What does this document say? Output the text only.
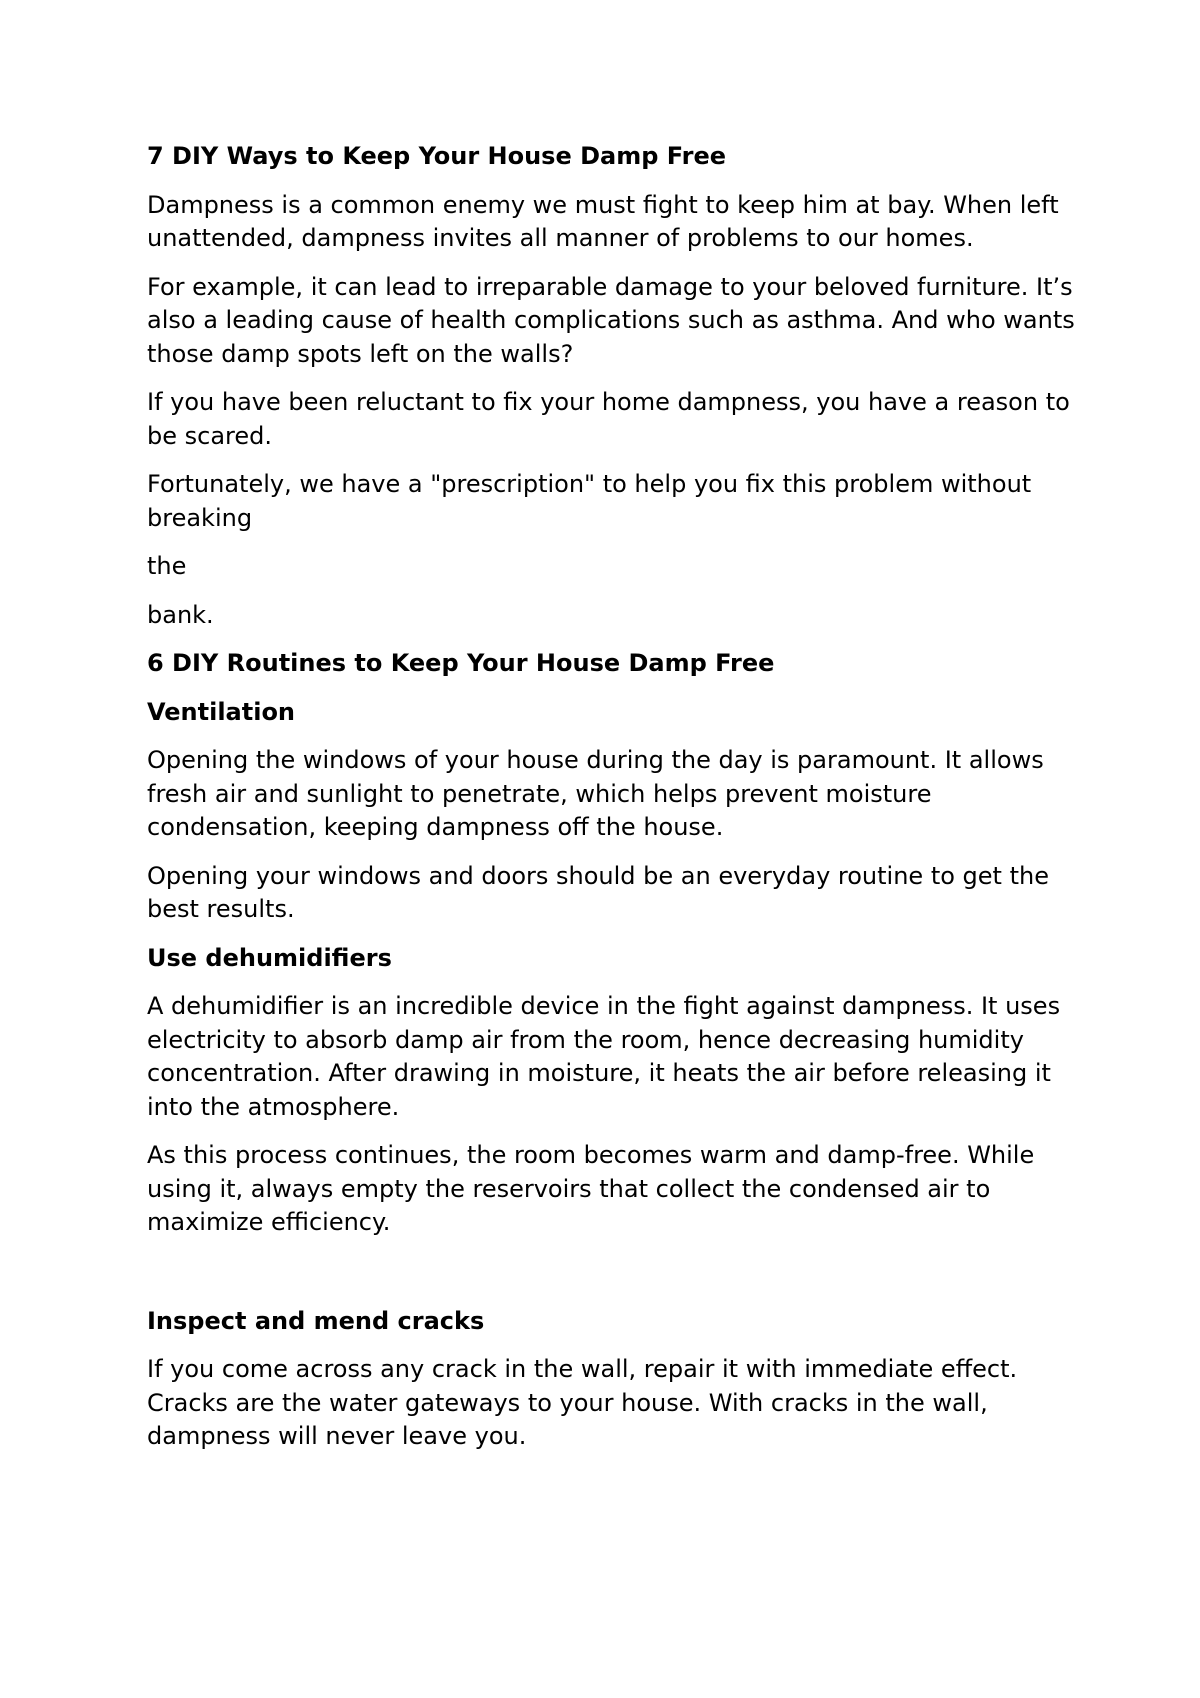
7 DIY Ways to Keep Your House Damp Free

Dampness is a common enemy we must fight to keep him at bay. When left unattended, dampness invites all manner of problems to our homes.

For example, it can lead to irreparable damage to your beloved furniture. It’s also a leading cause of health complications such as asthma. And who wants those damp spots left on the walls?

If you have been reluctant to fix your home dampness, you have a reason to be scared.

Fortunately, we have a "prescription" to help you fix this problem without breaking

the

bank.

6 DIY Routines to Keep Your House Damp Free
Ventilation

Opening the windows of your house during the day is paramount. It allows fresh air and sunlight to penetrate, which helps prevent moisture condensation, keeping dampness off the house.

Opening your windows and doors should be an everyday routine to get the best results.

Use dehumidifiers

A dehumidifier is an incredible device in the fight against dampness. It uses electricity to absorb damp air from the room, hence decreasing humidity concentration. After drawing in moisture, it heats the air before releasing it into the atmosphere.

As this process continues, the room becomes warm and damp-free. While using it, always empty the reservoirs that collect the condensed air to maximize efficiency.

Inspect and mend cracks

If you come across any crack in the wall, repair it with immediate effect. Cracks are the water gateways to your house. With cracks in the wall, dampness will never leave you.
